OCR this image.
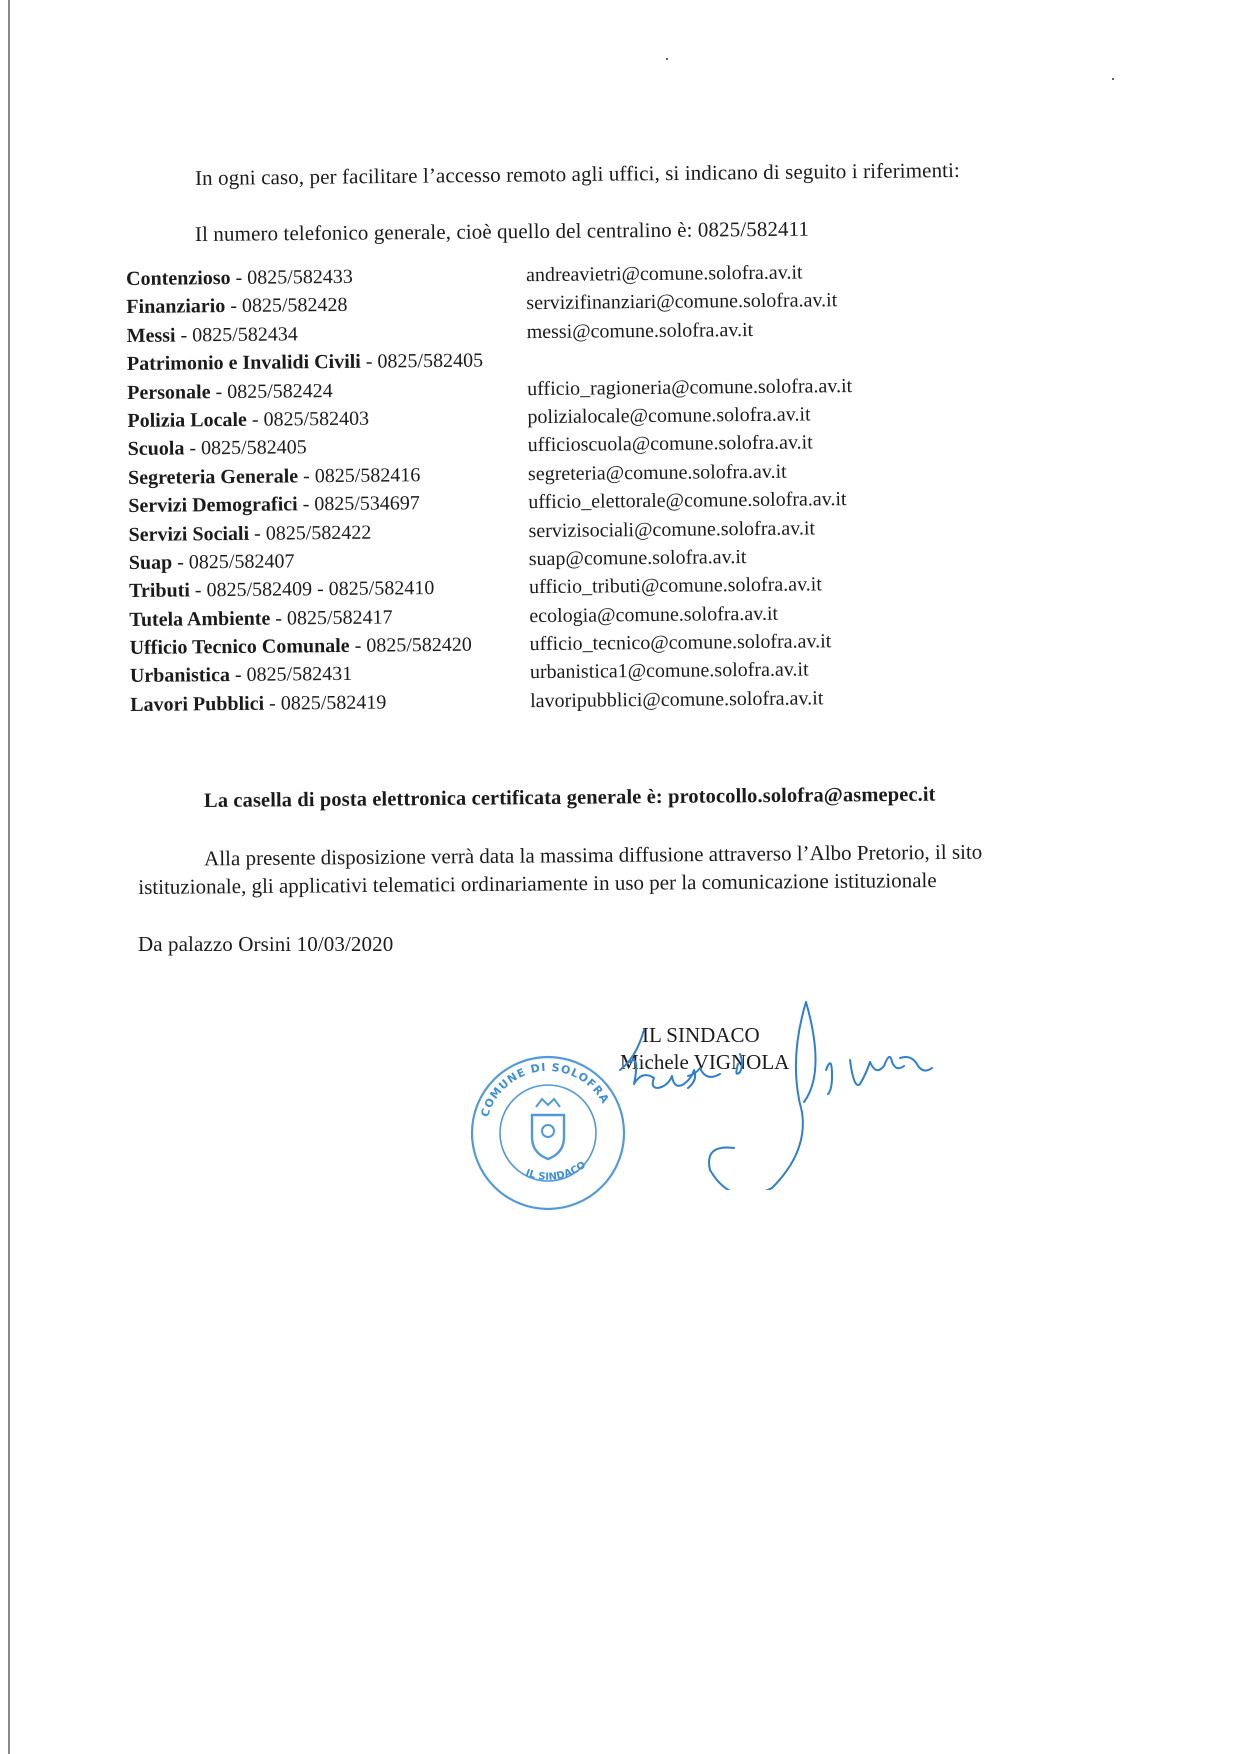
In ogni caso, per facilitare l’accesso remoto agli uffici, si indicano di seguito i riferimenti:
Il numero telefonico generale, cioè quello del centralino è: 0825/582411
Contenzioso - 0825/582433	andreavietri@comune.solofra.av.it
Finanziario - 0825/582428	servizifinanziari@comune.solofra.av.it
Messi - 0825/582434	messi@comune.solofra.av.it
Patrimonio e Invalidi Civili - 0825/582405
Personale - 0825/582424	ufficio_ragioneria@comune.solofra.av.it
Polizia Locale - 0825/582403	polizialocale@comune.solofra.av.it
Scuola - 0825/582405	ufficioscuola@comune.solofra.av.it
Segreteria Generale - 0825/582416	segreteria@comune.solofra.av.it
Servizi Demografici - 0825/534697	ufficio_elettorale@comune.solofra.av.it
Servizi Sociali - 0825/582422	servizisociali@comune.solofra.av.it
Suap - 0825/582407	suap@comune.solofra.av.it
Tributi - 0825/582409 - 0825/582410	ufficio_tributi@comune.solofra.av.it
Tutela Ambiente - 0825/582417	ecologia@comune.solofra.av.it
Ufficio Tecnico Comunale - 0825/582420	ufficio_tecnico@comune.solofra.av.it
Urbanistica - 0825/582431	urbanistica1@comune.solofra.av.it
Lavori Pubblici - 0825/582419	lavoripubblici@comune.solofra.av.it
La casella di posta elettronica certificata generale è: protocollo.solofra@asmepec.it
Alla presente disposizione verrà data la massima diffusione attraverso l’Albo Pretorio, il sito
istituzionale, gli applicativi telematici ordinariamente in uso per la comunicazione istituzionale
Da palazzo Orsini 10/03/2020
COMUNE DI SOLOFRA
IL SINDACO
IL SINDACO
Michele VIGNOLA
